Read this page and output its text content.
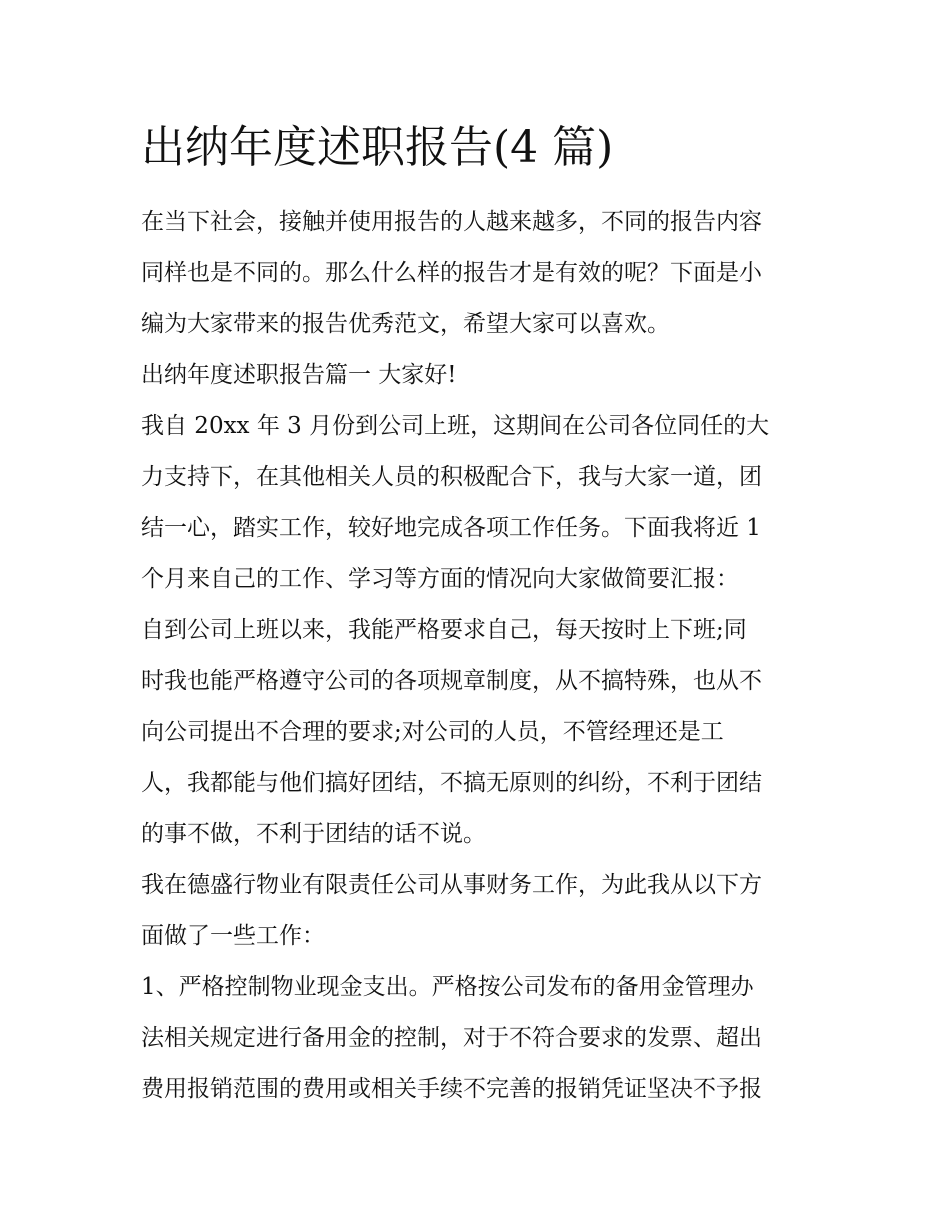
出纳年度述职报告(4 篇)

在当下社会，接触并使用报告的人越来越多，不同的报告内容

同样也是不同的。那么什么样的报告才是有效的呢？下面是小

编为大家带来的报告优秀范文，希望大家可以喜欢。

出纳年度述职报告篇一 大家好!

我自 20xx 年 3 月份到公司上班，这期间在公司各位同任的大

力支持下，在其他相关人员的积极配合下，我与大家一道，团

结一心，踏实工作，较好地完成各项工作任务。下面我将近 1

个月来自己的工作、学习等方面的情况向大家做简要汇报：

自到公司上班以来，我能严格要求自己，每天按时上下班;同

时我也能严格遵守公司的各项规章制度，从不搞特殊，也从不

向公司提出不合理的要求;对公司的人员，不管经理还是工

人，我都能与他们搞好团结，不搞无原则的纠纷，不利于团结

的事不做，不利于团结的话不说。

我在德盛行物业有限责任公司从事财务工作，为此我从以下方

面做了一些工作：

1、严格控制物业现金支出。严格按公司发布的备用金管理办

法相关规定进行备用金的控制，对于不符合要求的发票、超出

费用报销范围的费用或相关手续不完善的报销凭证坚决不予报
